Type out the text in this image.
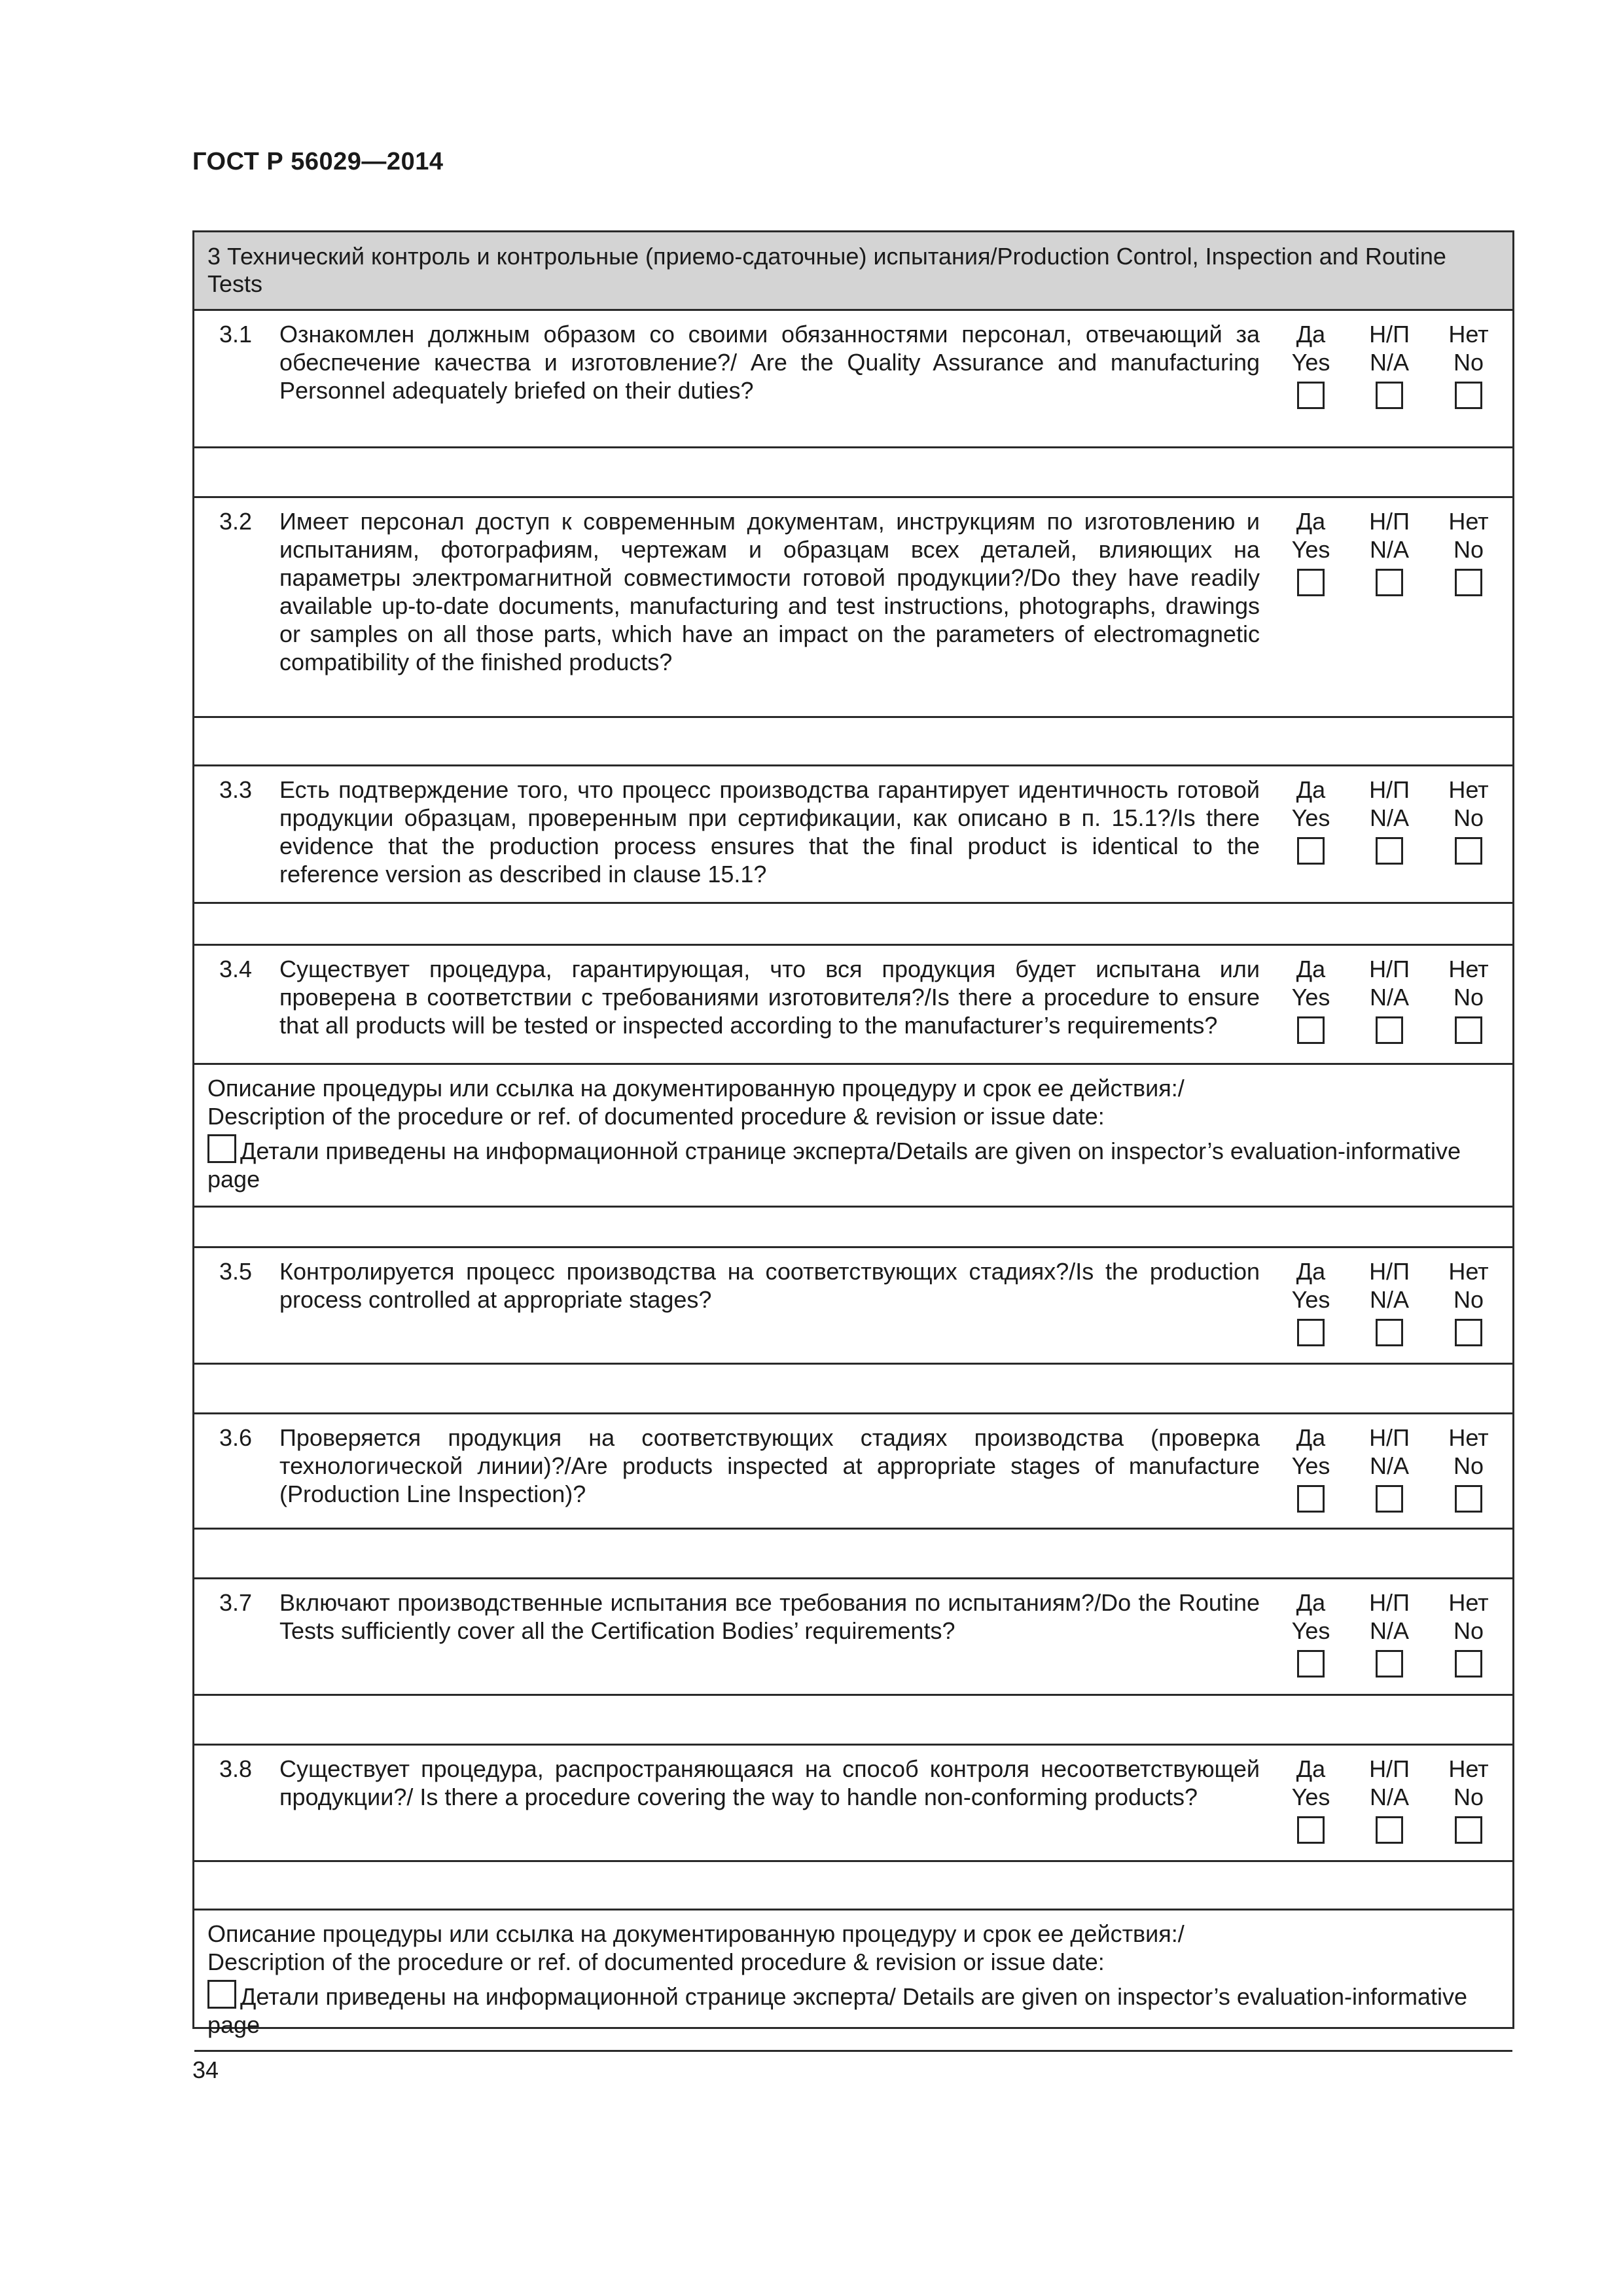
ГОСТ Р 56029—2014
3 Технический контроль и контрольные (приемо-сдаточные) испытания/Production Control, Inspection and Routine Tests
3.1 Ознакомлен должным образом со своими обязанностями персонал, отвечающий за обеспечение качества и изготовление?/ Are the Quality Assurance and manufacturing Personnel adequately briefed on their duties?
Да
Yes
Н/П
N/A
Нет
No
3.2 Имеет персонал доступ к современным документам, инструкциям по изготовлению и испытаниям, фотографиям, чертежам и образцам всех деталей, влияющих на параметры электромагнитной совместимости готовой продукции?/Do they have readily available up-to-date documents, manufacturing and test instructions, photographs, drawings or samples on all those parts, which have an impact on the parameters of electromagnetic compatibility of the finished products?
Да
Yes
Н/П
N/A
Нет
No
3.3 Есть подтверждение того, что процесс производства гарантирует идентичность готовой продукции образцам, проверенным при сертификации, как описано в п. 15.1?/Is there evidence that the production process ensures that the final product is identical to the reference version as described in clause 15.1?
Да
Yes
Н/П
N/A
Нет
No
3.4 Существует процедура, гарантирующая, что вся продукция будет испытана или проверена в соответствии с требованиями изготовителя?/Is there a procedure to ensure that all products will be tested or inspected according to the manufacturer’s requirements?
Да
Yes
Н/П
N/A
Нет
No
Описание процедуры или ссылка на документированную процедуру и срок ее действия:/
Description of the procedure or ref. of documented procedure & revision or issue date:
Детали приведены на информационной странице эксперта/Details are given on inspector’s evaluation-informative page
3.5 Контролируется процесс производства на соответствующих стадиях?/Is the production process controlled at appropriate stages?
Да
Yes
Н/П
N/A
Нет
No
3.6 Проверяется продукция на соответствующих стадиях производства (проверка технологической линии)?/Are products inspected at appropriate stages of manufacture (Production Line Inspection)?
Да
Yes
Н/П
N/A
Нет
No
3.7 Включают производственные испытания все требования по испытаниям?/Do the Routine Tests sufficiently cover all the Certification Bodies’ requirements?
Да
Yes
Н/П
N/A
Нет
No
3.8 Существует процедура, распространяющаяся на способ контроля несоответствующей продукции?/ Is there a procedure covering the way to handle non-conforming products?
Да
Yes
Н/П
N/A
Нет
No
Описание процедуры или ссылка на документированную процедуру и срок ее действия:/
Description of the procedure or ref. of documented procedure & revision or issue date:
Детали приведены на информационной странице эксперта/ Details are given on inspector’s evaluation-informative page
34
